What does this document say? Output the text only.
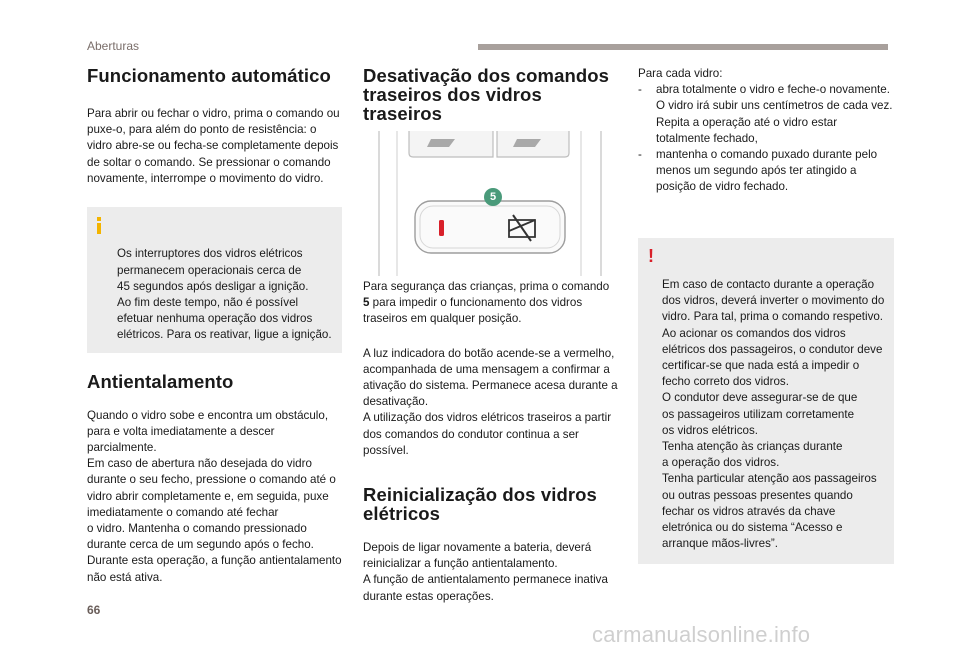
Aberturas
Funcionamento automático

Para abrir ou fechar o vidro, prima o comando ou puxe-o, para além do ponto de resistência: o vidro abre-se ou fecha-se completamente depois de soltar o comando. Se pressionar o comando novamente, interrompe o movimento do vidro.

Os interruptores dos vidros elétricos permanecem operacionais cerca de
45 segundos após desligar a ignição.
Ao fim deste tempo, não é possível efetuar nenhuma operação dos vidros elétricos. Para os reativar, ligue a ignição.

Antientalamento

Quando o vidro sobe e encontra um obstáculo, para e volta imediatamente a descer parcialmente.
Em caso de abertura não desejada do vidro durante o seu fecho, pressione o comando até o vidro abrir completamente e, em seguida, puxe imediatamente o comando até fechar
o vidro. Mantenha o comando pressionado durante cerca de um segundo após o fecho.
Durante esta operação, a função antientalamento não está ativa.

Desativação dos comandos traseiros dos vidros traseiros
5

Para segurança das crianças, prima o comando 5 para impedir o funcionamento dos vidros traseiros em qualquer posição.

A luz indicadora do botão acende-se a vermelho, acompanhada de uma mensagem a confirmar a ativação do sistema. Permanece acesa durante a desativação.
A utilização dos vidros elétricos traseiros a partir dos comandos do condutor continua a ser possível.

Reinicialização dos vidros elétricos

Depois de ligar novamente a bateria, deverá reinicializar a função antientalamento.
A função de antientalamento permanece inativa durante estas operações.

Para cada vidro:

- abra totalmente o vidro e feche-o novamente. O vidro irá subir uns centímetros de cada vez. Repita a operação até o vidro estar totalmente fechado,
- mantenha o comando puxado durante pelo menos um segundo após ter atingido a posição de vidro fechado.

!

Em caso de contacto durante a operação dos vidros, deverá inverter o movimento do vidro. Para tal, prima o comando respetivo.
Ao acionar os comandos dos vidros elétricos dos passageiros, o condutor deve certificar-se que nada está a impedir o fecho correto dos vidros.
O condutor deve assegurar-se de que
os passageiros utilizam corretamente
os vidros elétricos.
Tenha atenção às crianças durante
a operação dos vidros.
Tenha particular atenção aos passageiros ou outras pessoas presentes quando fechar os vidros através da chave eletrónica ou do sistema “Acesso e arranque mãos-livres”.

66
carmanualsonline.info
